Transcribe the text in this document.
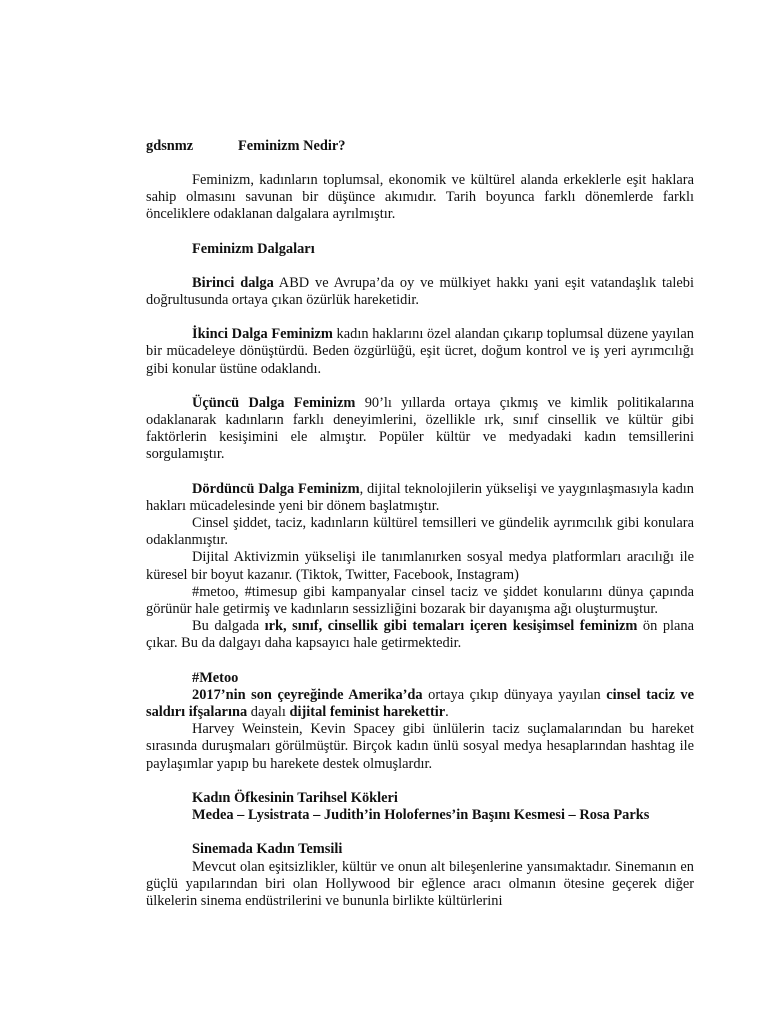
gdsnmz	Feminizm Nedir?

Feminizm, kadınların toplumsal, ekonomik ve kültürel alanda erkeklerle eşit haklara sahip olmasını savunan bir düşünce akımıdır. Tarih boyunca farklı dönemlerde farklı önceliklere odaklanan dalgalara ayrılmıştır.

Feminizm Dalgaları

Birinci dalga ABD ve Avrupa’da oy ve mülkiyet hakkı yani eşit vatandaşlık talebi doğrultusunda ortaya çıkan özürlük hareketidir.

İkinci Dalga Feminizm kadın haklarını özel alandan çıkarıp toplumsal düzene yayılan bir mücadeleye dönüştürdü. Beden özgürlüğü, eşit ücret, doğum kontrol ve iş yeri ayrımcılığı gibi konular üstüne odaklandı.

Üçüncü Dalga Feminizm 90’lı yıllarda ortaya çıkmış ve kimlik politikalarına odaklanarak kadınların farklı deneyimlerini, özellikle ırk, sınıf cinsellik ve kültür gibi faktörlerin kesişimini ele almıştır. Popüler kültür ve medyadaki kadın temsillerini sorgulamıştır.

Dördüncü Dalga Feminizm, dijital teknolojilerin yükselişi ve yaygınlaşmasıyla kadın hakları mücadelesinde yeni bir dönem başlatmıştır.

Cinsel şiddet, taciz, kadınların kültürel temsilleri ve gündelik ayrımcılık gibi konulara odaklanmıştır.

Dijital Aktivizmin yükselişi ile tanımlanırken sosyal medya platformları aracılığı ile küresel bir boyut kazanır. (Tiktok, Twitter, Facebook, Instagram)

#metoo, #timesup gibi kampanyalar cinsel taciz ve şiddet konularını dünya çapında görünür hale getirmiş ve kadınların sessizliğini bozarak bir dayanışma ağı oluşturmuştur.

Bu dalgada ırk, sınıf, cinsellik gibi temaları içeren kesişimsel feminizm ön plana çıkar. Bu da dalgayı daha kapsayıcı hale getirmektedir.

#Metoo

2017’nin son çeyreğinde Amerika’da ortaya çıkıp dünyaya yayılan cinsel taciz ve saldırı ifşalarına dayalı dijital feminist harekettir.

Harvey Weinstein, Kevin Spacey gibi ünlülerin taciz suçlamalarından bu hareket sırasında duruşmaları görülmüştür. Birçok kadın ünlü sosyal medya hesaplarından hashtag ile paylaşımlar yapıp bu harekete destek olmuşlardır.

Kadın Öfkesinin Tarihsel Kökleri

Medea – Lysistrata – Judith’in Holofernes’in Başını Kesmesi – Rosa Parks

Sinemada Kadın Temsili

Mevcut olan eşitsizlikler, kültür ve onun alt bileşenlerine yansımaktadır. Sinemanın en güçlü yapılarından biri olan Hollywood bir eğlence aracı olmanın ötesine geçerek diğer ülkelerin sinema endüstrilerini ve bununla birlikte kültürlerini
